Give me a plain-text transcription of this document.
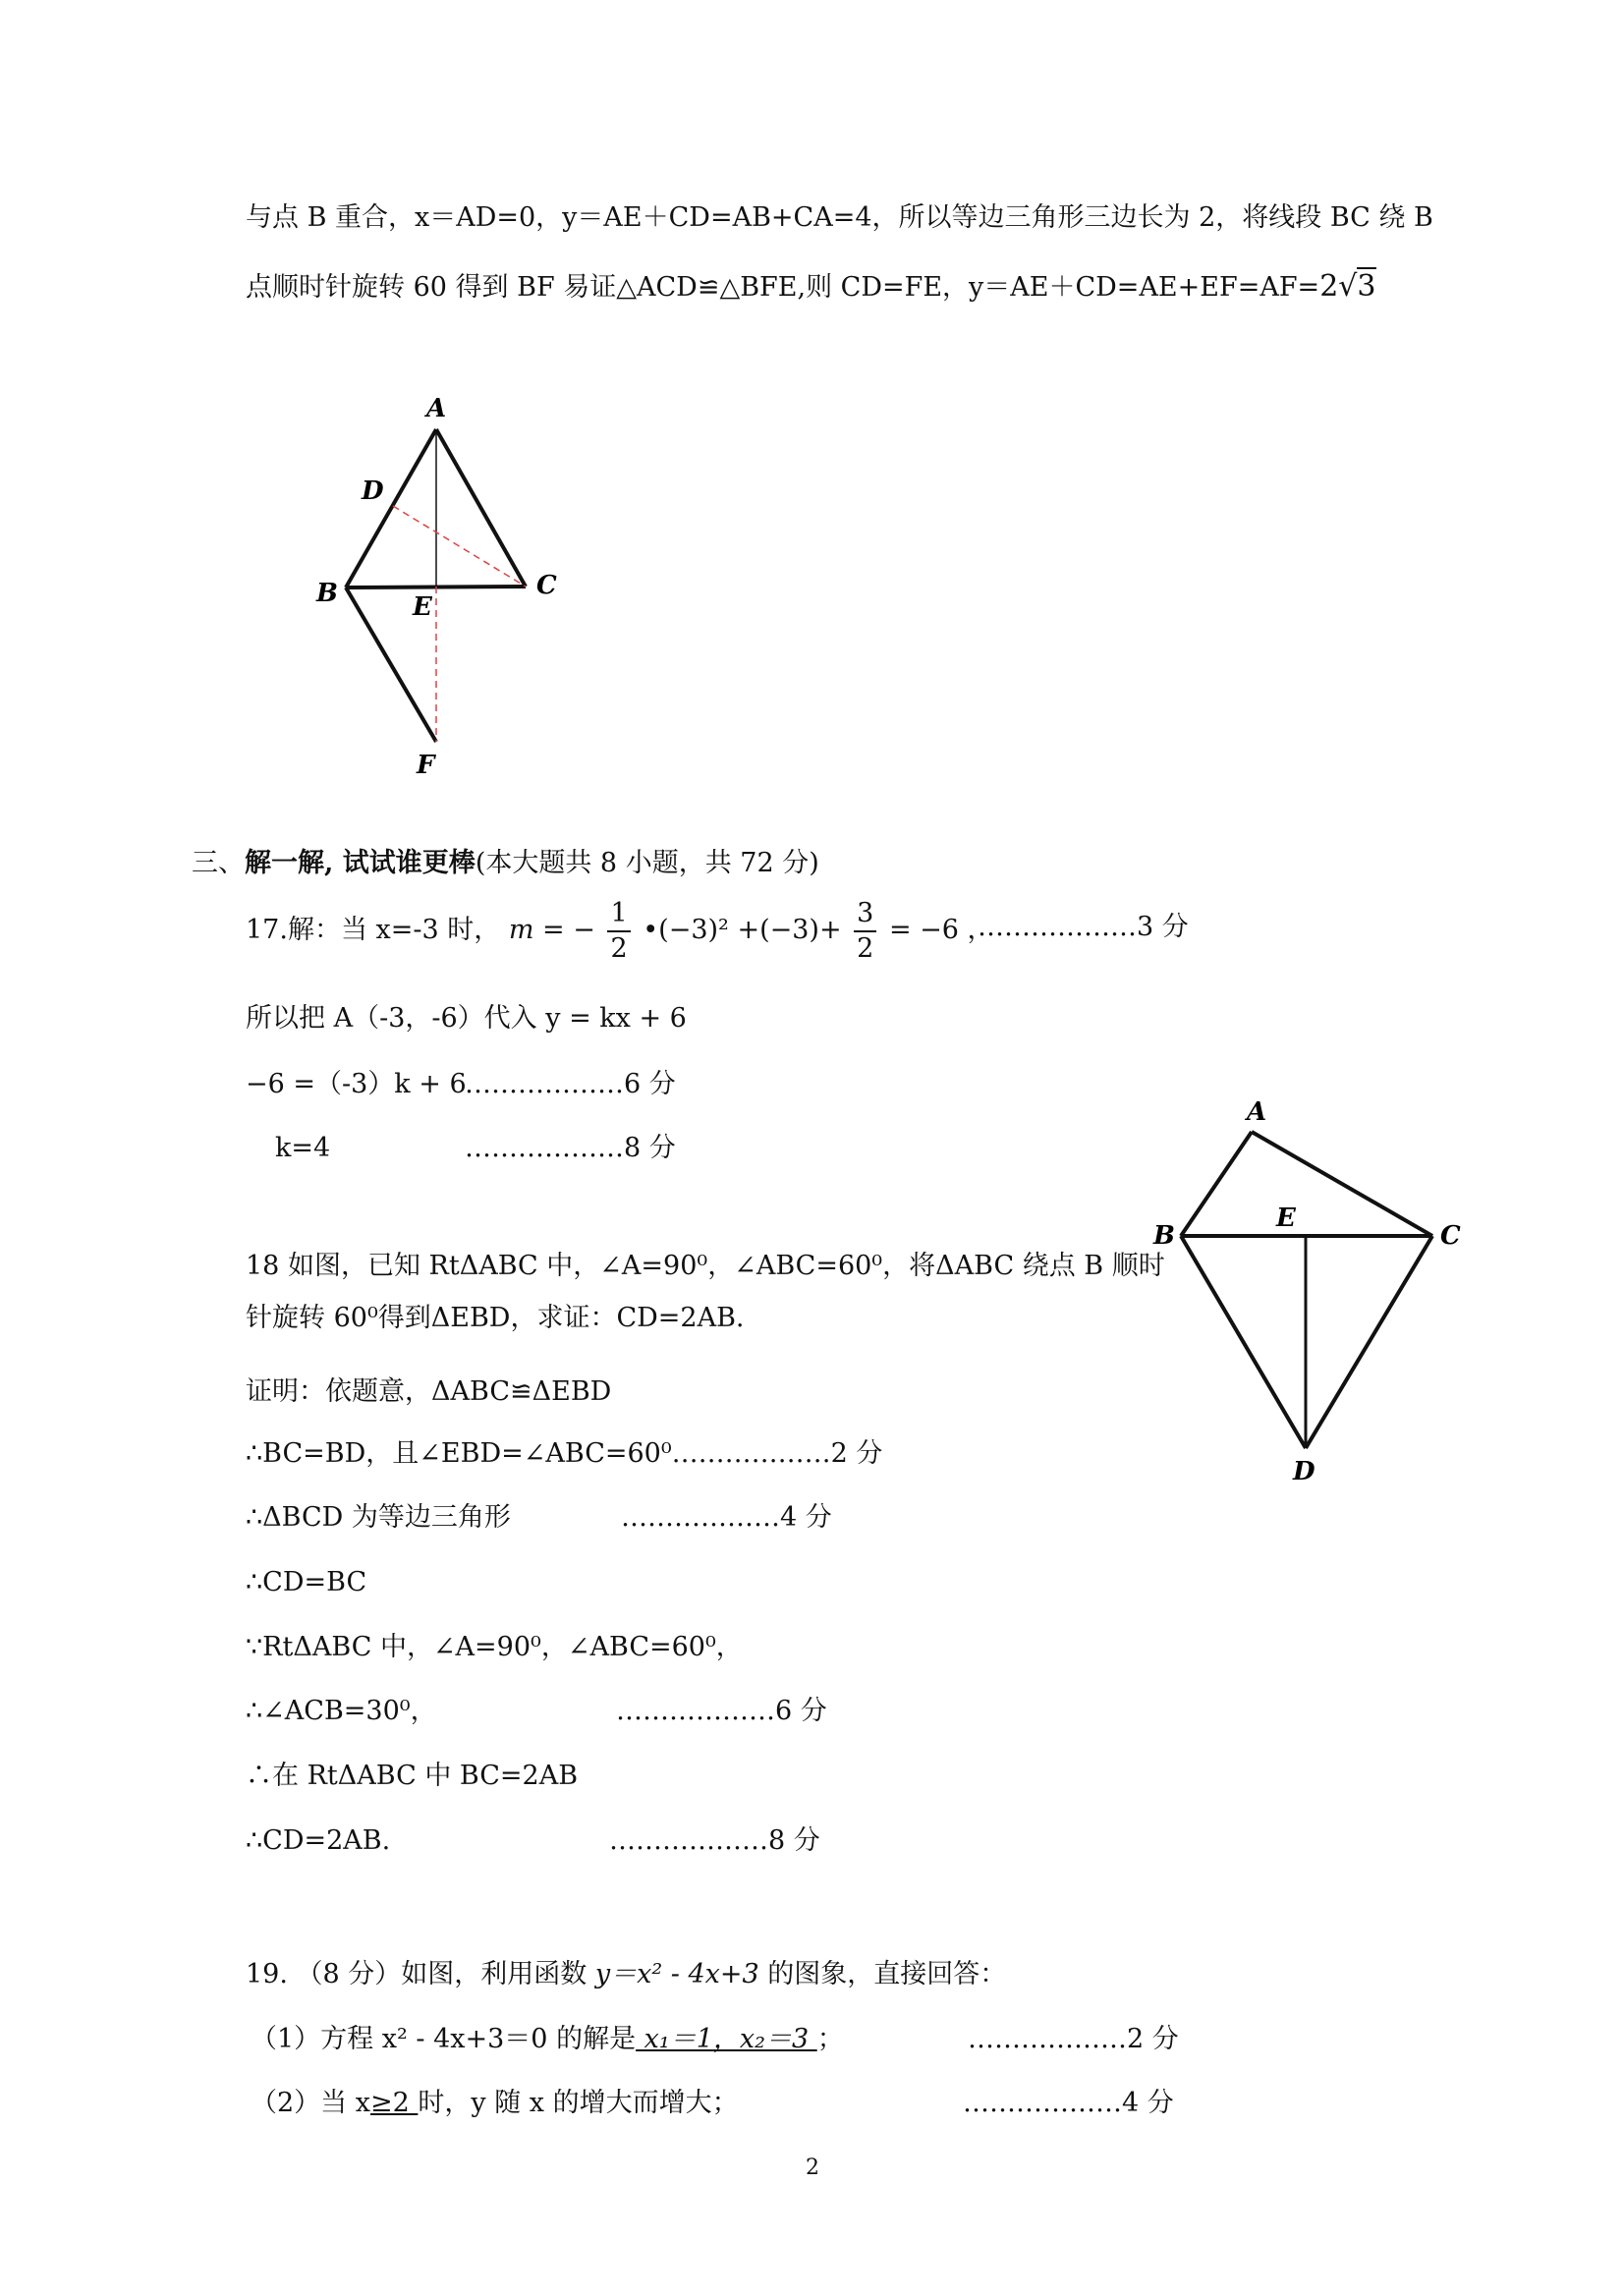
与点 B 重合，x＝AD=0，y＝AE＋CD=AB+CA=4，所以等边三角形三边长为 2，将线段 BC 绕 B
点顺时针旋转 60 得到 BF 易证△ACD≌△BFE,则 CD=FE，y＝AE＋CD=AE+EF=AF=2√3
A
D
B	E
C
F
三、解一解, 试试谁更棒(本大题共 8 小题，共 72 分)
17.解：当 x=-3 时， m = − $\frac{1}{2}$ •(−3)² $+(-3)+ \frac{3}{2} = -6$ ，
………………3 分
所以把 A（-3，-6）代入 y = kx + 6
−6 =（-3）k + 6
………………6 分
k=4	………………8 分
18 如图，已知 RtΔABC 中，∠A=90⁰，∠ABC=60⁰，将ΔABC 绕点 B 顺时
针旋转 60⁰得到ΔEBD，求证：CD=2AB.
证明：依题意，ΔABC≌ΔEBD
∴BC=BD，且∠EBD=∠ABC=60⁰………………2 分
∴ΔBCD 为等边三角形	………………4 分
∴CD=BC
∵RtΔABC 中，∠A=90⁰，∠ABC=60⁰，
∴∠ACB=30⁰，	………………6 分
∴在 RtΔABC 中 BC=2AB
∴CD=2AB.	………………8 分
A
B
E
C
D
19. （8 分）如图，利用函数 y＝x² - 4x+3 的图象，直接回答：
（1）方程 x² - 4x+3＝0 的解是 x₁＝1，x₂＝3 ；	………………2 分
（2）当 x≥2 时，y 随 x 的增大而增大；	………………4 分
2
